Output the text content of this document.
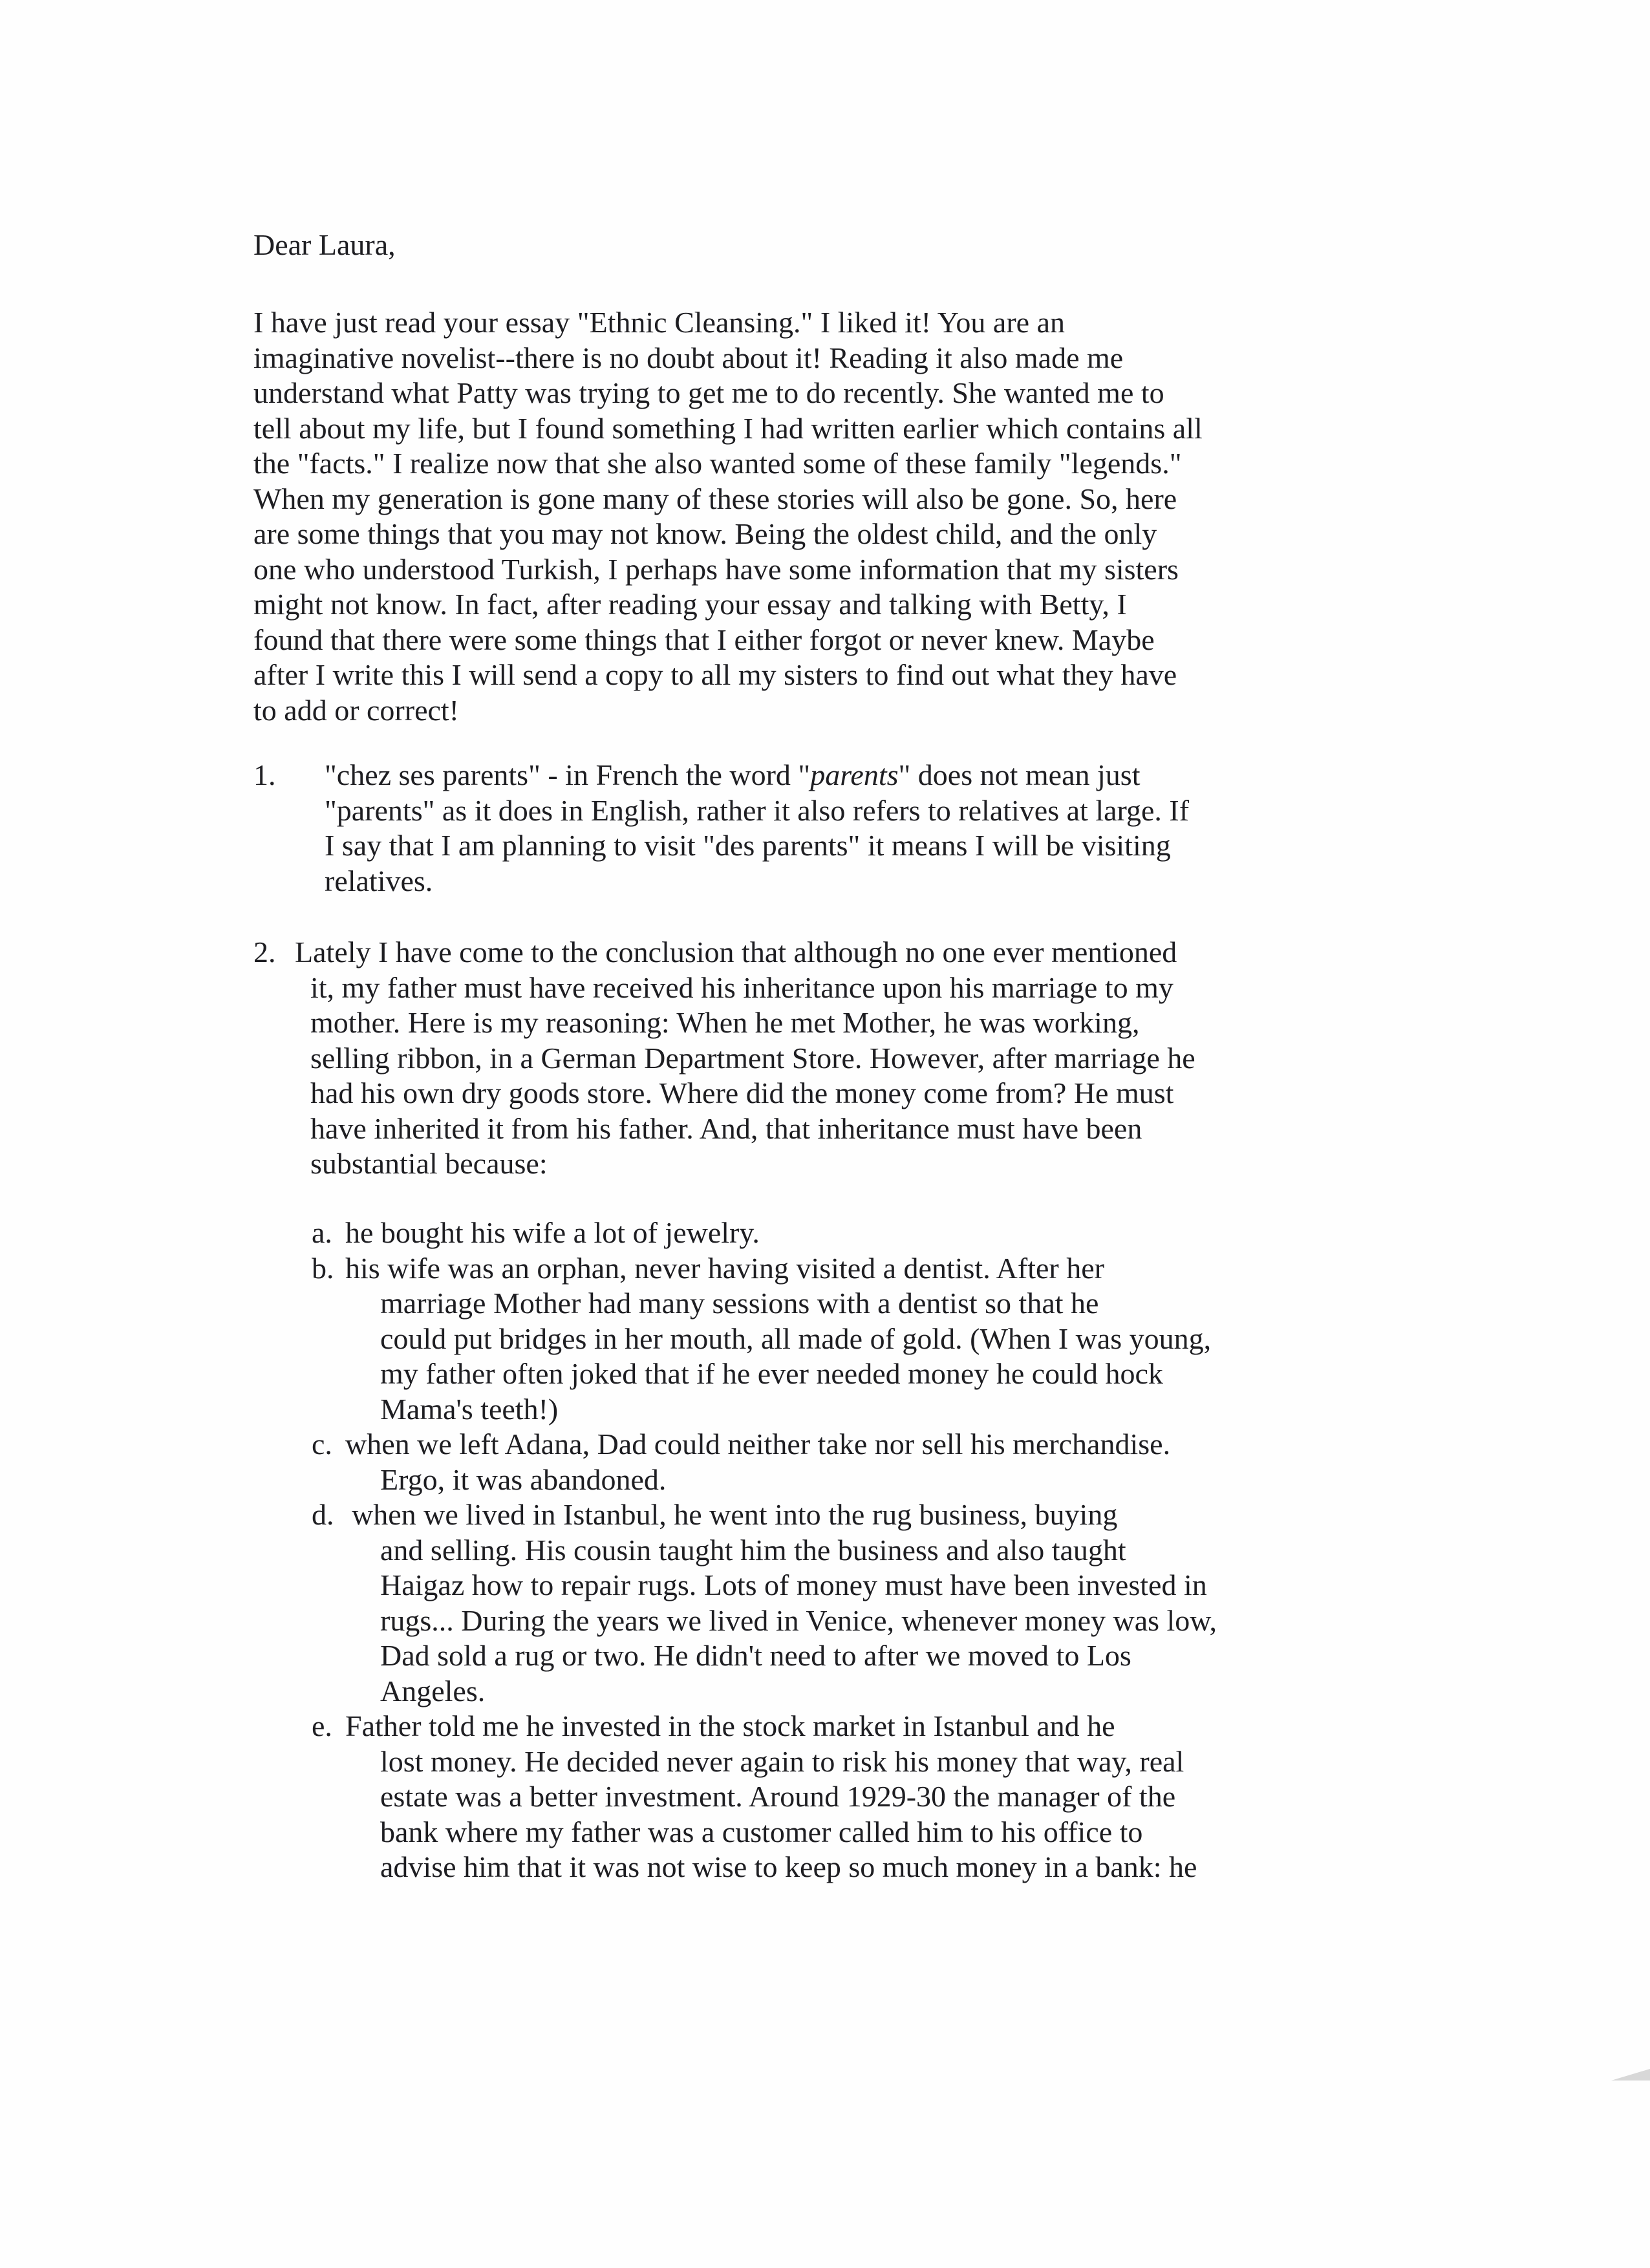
Dear Laura,
I have just read your essay "Ethnic Cleansing." I liked it! You are an
imaginative novelist--there is no doubt about it! Reading it also made me
understand what Patty was trying to get me to do recently. She wanted me to
tell about my life, but I found something I had written earlier which contains all
the "facts." I realize now that she also wanted some of these family "legends."
When my generation is gone many of these stories will also be gone. So, here
are some things that you may not know. Being the oldest child, and the only
one who understood Turkish, I perhaps have some information that my sisters
might not know. In fact, after reading your essay and talking with Betty, I
found that there were some things that I either forgot or never knew. Maybe
after I write this I will send a copy to all my sisters to find out what they have
to add or correct!
1. "chez ses parents" - in French the word "parents" does not mean just
"parents" as it does in English, rather it also refers to relatives at large. If
I say that I am planning to visit "des parents" it means I will be visiting
relatives.
2. Lately I have come to the conclusion that although no one ever mentioned
it, my father must have received his inheritance upon his marriage to my
mother. Here is my reasoning: When he met Mother, he was working,
selling ribbon, in a German Department Store. However, after marriage he
had his own dry goods store. Where did the money come from? He must
have inherited it from his father. And, that inheritance must have been
substantial because:
a. he bought his wife a lot of jewelry.
b. his wife was an orphan, never having visited a dentist. After her
marriage Mother had many sessions with a dentist so that he
could put bridges in her mouth, all made of gold. (When I was young,
my father often joked that if he ever needed money he could hock
Mama's teeth!)
c. when we left Adana, Dad could neither take nor sell his merchandise.
Ergo, it was abandoned.
d. when we lived in Istanbul, he went into the rug business, buying
and selling. His cousin taught him the business and also taught
Haigaz how to repair rugs. Lots of money must have been invested in
rugs... During the years we lived in Venice, whenever money was low,
Dad sold a rug or two. He didn't need to after we moved to Los
Angeles.
e. Father told me he invested in the stock market in Istanbul and he
lost money. He decided never again to risk his money that way, real
estate was a better investment. Around 1929-30 the manager of the
bank where my father was a customer called him to his office to
advise him that it was not wise to keep so much money in a bank: he
